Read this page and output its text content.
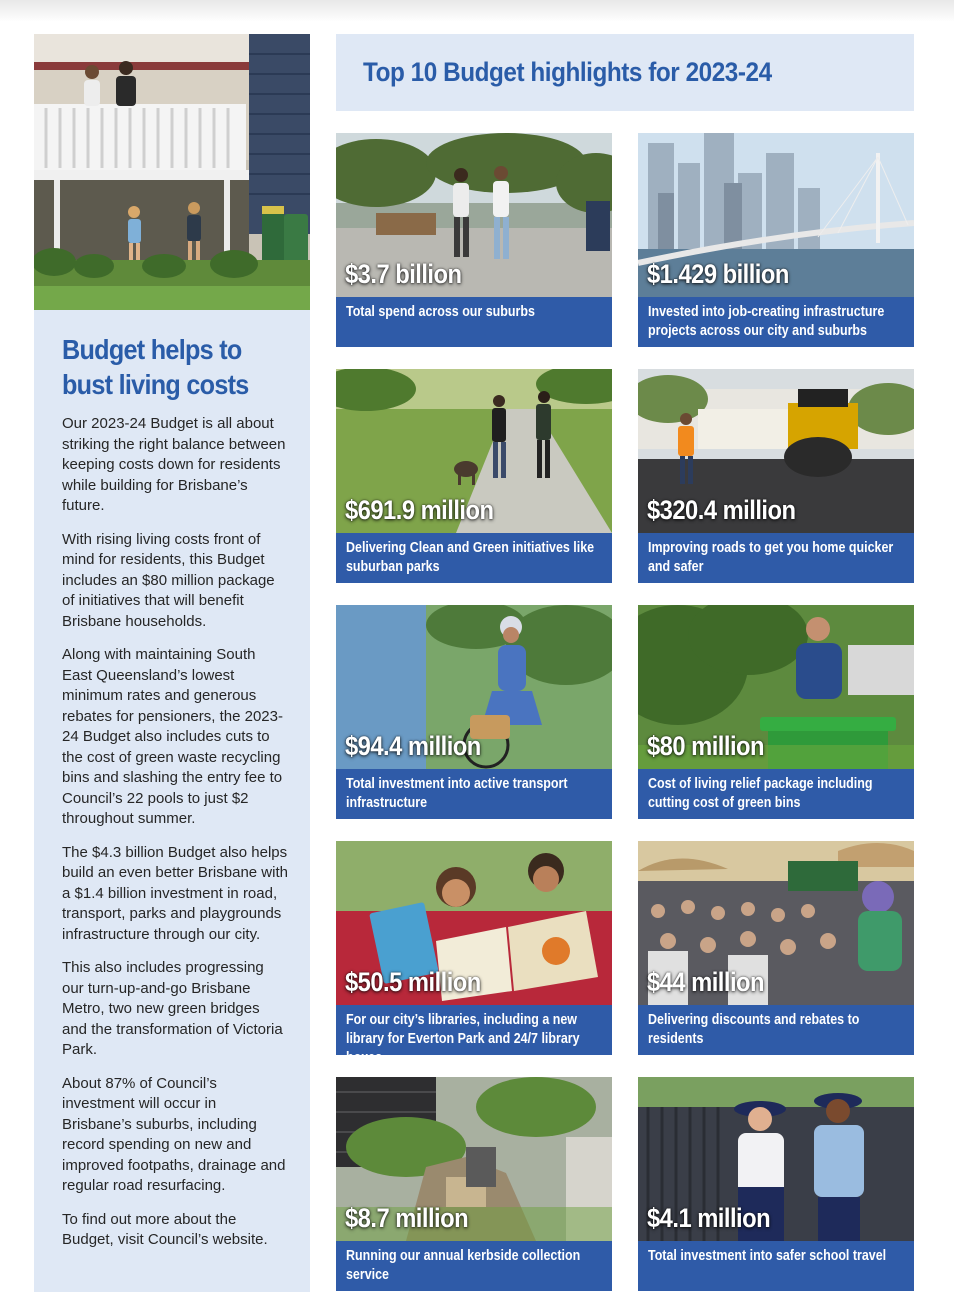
Budget helps to bust living costs

Our 2023-24 Budget is all about striking the right balance between keeping costs down for residents while building for Brisbane’s future.

With rising living costs front of mind for residents, this Budget includes an $80 million package of initiatives that will benefit Brisbane households.

Along with maintaining South East Queensland’s lowest minimum rates and generous rebates for pensioners, the 2023-24 Budget also includes cuts to the cost of green waste recycling bins and slashing the entry fee to Council’s 22 pools to just $2 throughout summer.

The $4.3 billion Budget also helps build an even better Brisbane with a $1.4 billion investment in road, transport, parks and playgrounds infrastructure through our city.

This also includes progressing our turn-up-and-go Brisbane Metro, two new green bridges and the transformation of Victoria Park.

About 87% of Council’s investment will occur in Brisbane’s suburbs, including record spending on new and improved footpaths, drainage and regular road resurfacing.

To find out more about the Budget, visit Council’s website.

Top 10 Budget highlights for 2023-24

$3.7 billion

Total spend across our suburbs

$1.429 billion

Invested into job-creating infrastructure projects across our city and suburbs

$691.9 million

Delivering Clean and Green initiatives like suburban parks

$320.4 million

Improving roads to get you home quicker and safer

$94.4 million

Total investment into active transport infrastructure

$80 million

Cost of living relief package including cutting cost of green bins

$50.5 million

For our city’s libraries, including a new library for Everton Park and 24/7 library boxes

$44 million

Delivering discounts and rebates to residents

$8.7 million

Running our annual kerbside collection service

$4.1 million

Total investment into safer school travel
